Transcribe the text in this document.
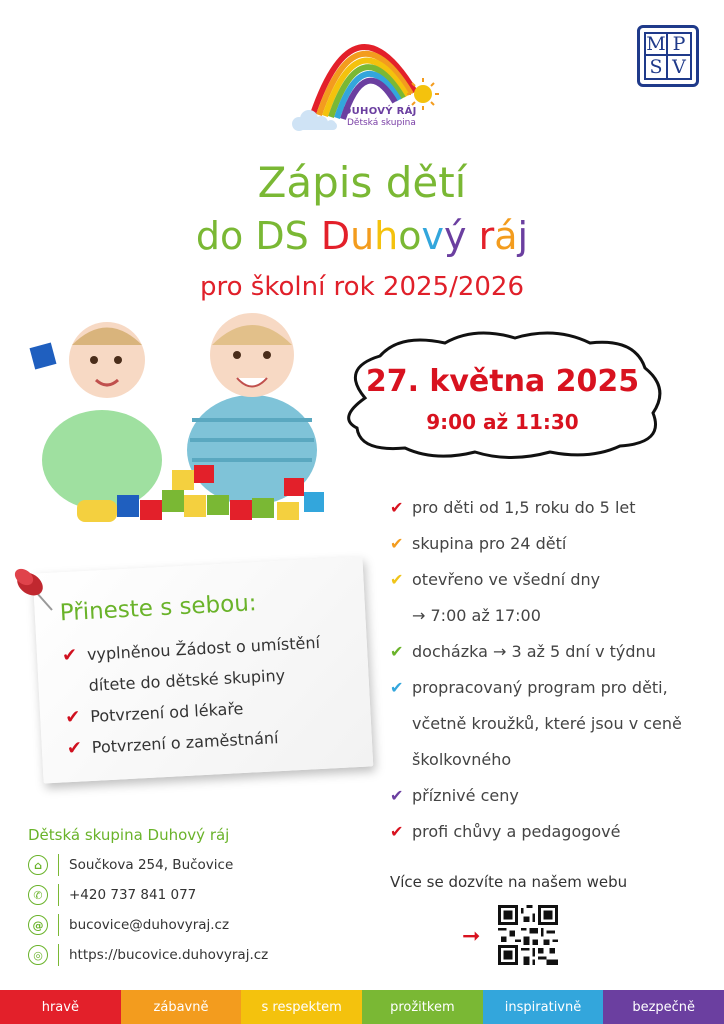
DUHOVÝ RÁJ
Dětská skupina
M P
S V
Zápis dětí
do DS Duhový ráj
pro školní rok 2025/2026
27. května 2025
9:00 až 11:30
✔ pro děti od 1,5 roku do 5 let
✔ skupina pro 24 dětí
✔ otevřeno ve všední dny
→ 7:00 až 17:00
✔ docházka → 3 až 5 dní v týdnu
✔ propracovaný program pro děti,
včetně kroužků, které jsou v ceně
školkovného
✔ příznivé ceny
✔ profi chůvy a pedagogové
Přineste s sebou:
✔ vyplněnou Žádost o umístění
dítete do dětské skupiny
✔ Potvrzení od lékaře
✔ Potvrzení o zaměstnání
Dětská skupina Duhový ráj
⌂	Součkova 254, Bučovice
✆	+420 737 841 077
@	bucovice@duhovyraj.cz
◎	https://bucovice.duhovyraj.cz
Více se dozvíte na našem webu
➞
hravě	zábavně	s respektem	prožitkem	inspirativně	bezpečně
